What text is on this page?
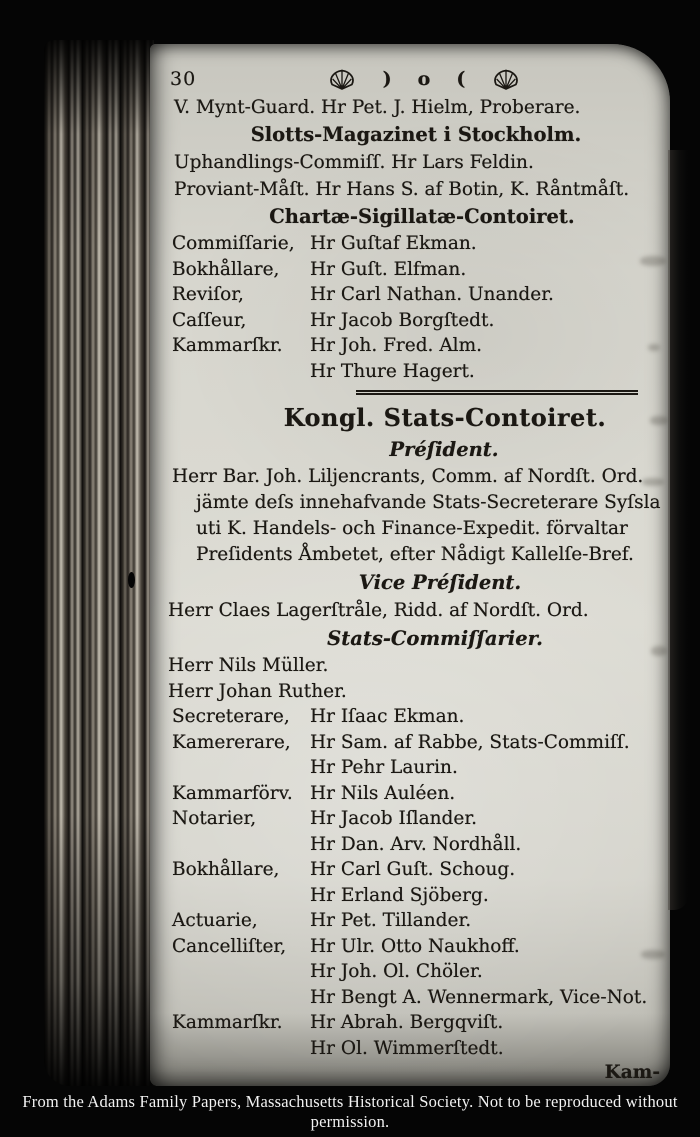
30	) o (
V. Mynt-Guard. Hr Pet. J. Hielm, Proberare.
Slotts-Magazinet i Stockholm.
Uphandlings-Commiſſ. Hr Lars Feldin.
Proviant-Måſt. Hr Hans S. af Botin, K. Råntmåſt.
Chartæ-Sigillatæ-Contoiret.
Commiſſarie, Hr Guſtaf Ekman.
Bokhållare, Hr Guſt. Elfman.
Reviſor,	Hr Carl Nathan. Unander.
Caſſeur,	Hr Jacob Borgſtedt.
Kammarſkr. Hr Joh. Fred. Alm.
Hr Thure Hagert.
Kongl. Stats-Contoiret.
Préſident.
Herr Bar. Joh. Liljencrants, Comm. af Nordſt. Ord.
jämte deſs innehafvande Stats-Secreterare Syſsla
uti K. Handels- och Finance-Expedit. förvaltar
Preſidents Åmbetet, efter Nådigt Kallelſe-Bref.
Vice Préſident.
Herr Claes Lagerſtråle, Ridd. af Nordſt. Ord.
Stats-Commiſſarier.
Herr Nils Müller.
Herr Johan Ruther.
Secreterare, Hr Iſaac Ekman.
Kamererare, Hr Sam. af Rabbe, Stats-Commiſſ.
Hr Pehr Laurin.
Kammarförv. Hr Nils Auléen.
Notarier,	Hr Jacob Iſlander.
Hr Dan. Arv. Nordhåll.
Bokhållare, Hr Carl Guſt. Schoug.
Hr Erland Sjöberg.
Actuarie,	Hr Pet. Tillander.
Cancelliſter, Hr Ulr. Otto Naukhoff.
Hr Joh. Ol. Chöler.
Hr Bengt A. Wennermark, Vice-Not.
Kammarſkr. Hr Abrah. Bergqviſt.
Hr Ol. Wimmerſtedt.
Kam-
From the Adams Family Papers, Massachusetts Historical Society. Not to be reproduced without permission.
